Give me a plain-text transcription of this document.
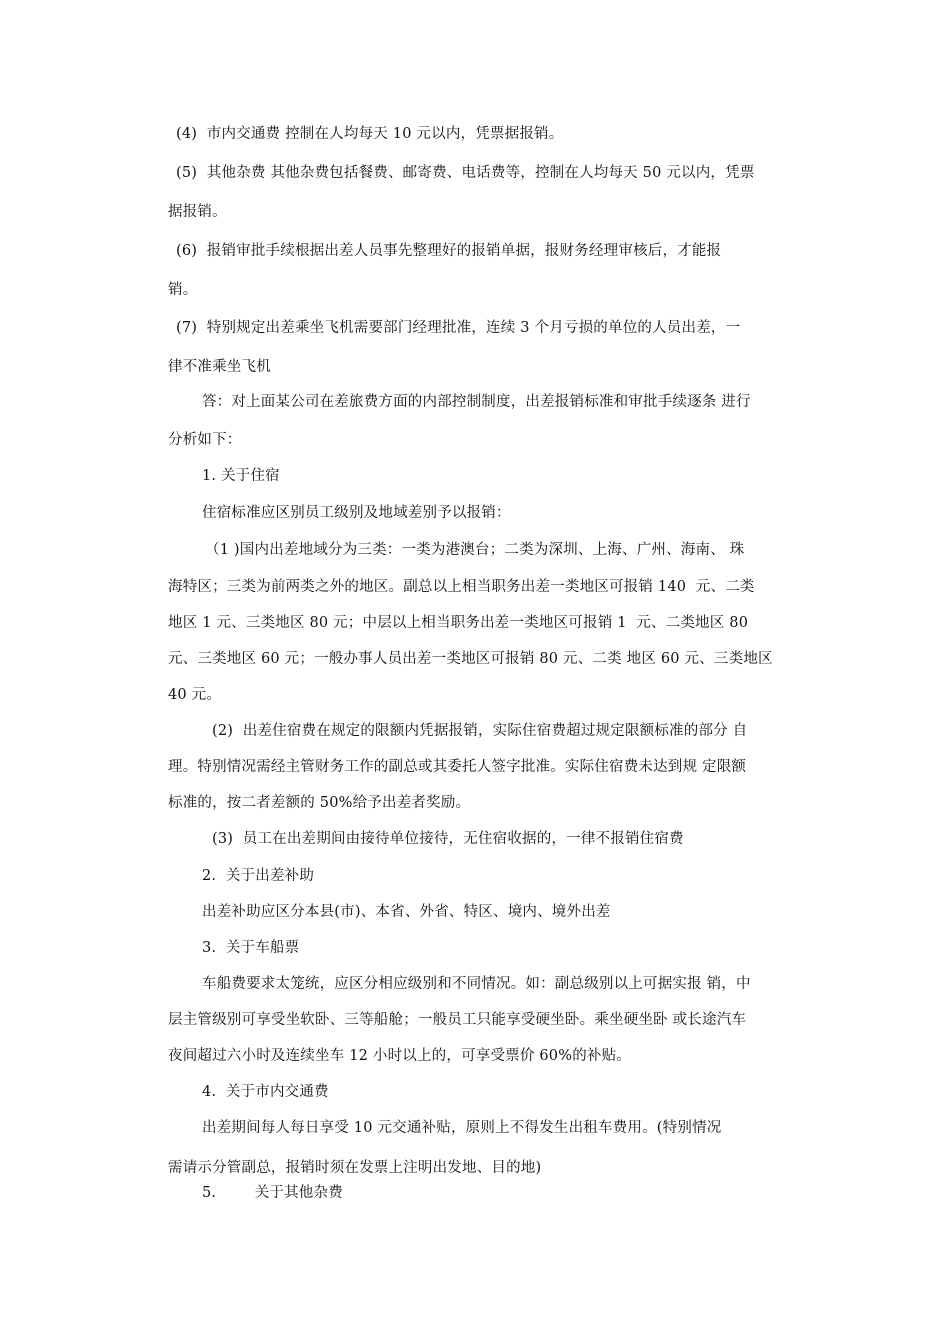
(4)  市内交通费 控制在人均每天 10 元以内，凭票据报销。
(5)  其他杂费 其他杂费包括餐费、邮寄费、电话费等，控制在人均每天 50 元以内，凭票
据报销。
(6)  报销审批手续根据出差人员事先整理好的报销单据，报财务经理审核后，才能报
销。
(7)  特别规定出差乘坐飞机需要部门经理批准，连续 3 个月亏损的单位的人员出差，一
律不准乘坐飞机
答：对上面某公司在差旅费方面的内部控制制度，出差报销标准和审批手续逐条 进行
分析如下：
1. 关于住宿
住宿标准应区别员工级别及地域差别予以报销：
（1 )国内出差地域分为三类：一类为港澳台；二类为深圳、上海、广州、海南、 珠
海特区；三类为前两类之外的地区。副总以上相当职务出差一类地区可报销 140  元、二类
地区 1 元、三类地区 80 元；中层以上相当职务出差一类地区可报销 1  元、二类地区 80
元、三类地区 60 元；一般办事人员出差一类地区可报销 80 元、二类 地区 60 元、三类地区
40 元。
(2)  出差住宿费在规定的限额内凭据报销，实际住宿费超过规定限额标准的部分 自
理。特别情况需经主管财务工作的副总或其委托人签字批准。实际住宿费未达到规 定限额
标准的，按二者差额的 50%给予出差者奖励。
(3)  员工在出差期间由接待单位接待，无住宿收据的，一律不报销住宿费
2.  关于出差补助
出差补助应区分本县(市)、本省、外省、特区、境内、境外出差
3.  关于车船票
车船费要求太笼统，应区分相应级别和不同情况。如：副总级别以上可据实报 销，中
层主管级别可享受坐软卧、三等船舱；一般员工只能享受硬坐卧。乘坐硬坐卧 或长途汽车
夜间超过六小时及连续坐车 12 小时以上的，可享受票价 60%的补贴。
4.  关于市内交通费
出差期间每人每日享受 10 元交通补贴，原则上不得发生出租车费用。(特别情况
需请示分管副总，报销时须在发票上注明出发地、目的地)
5.        关于其他杂费
